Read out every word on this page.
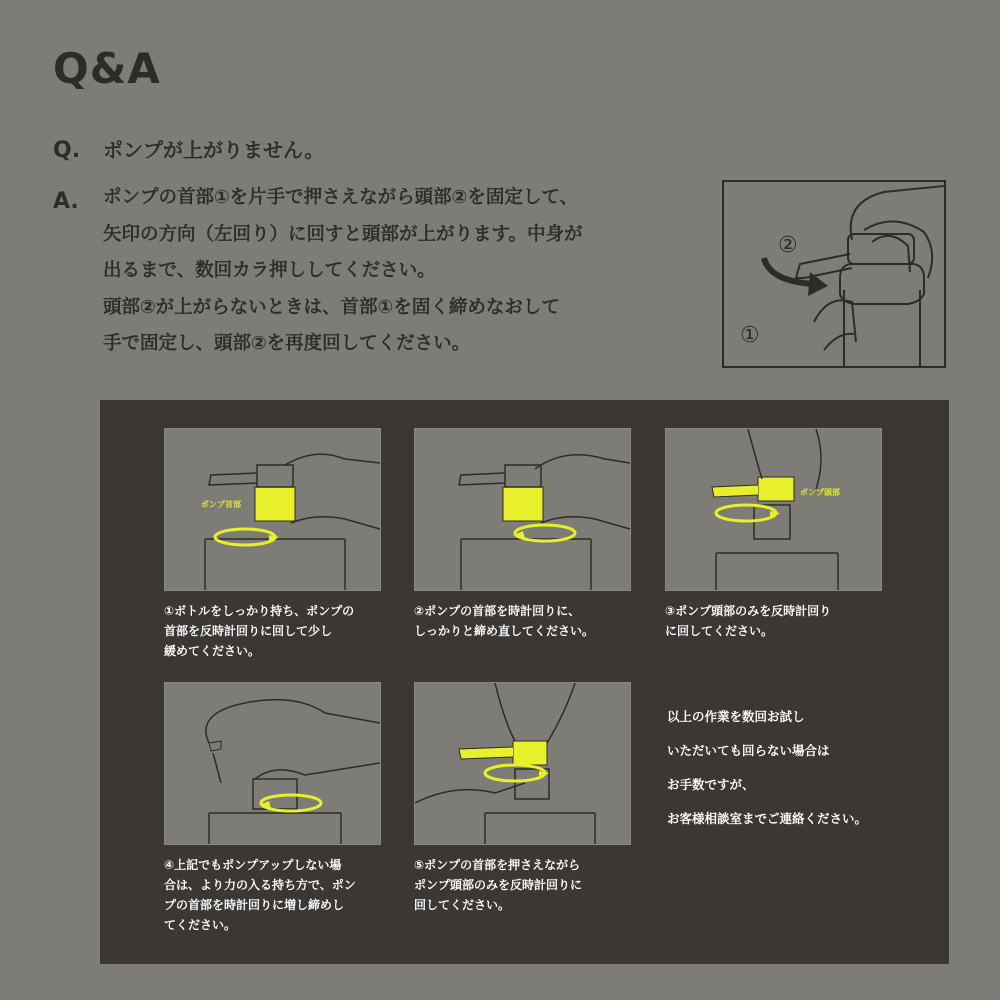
Q&A
Q. ポンプが上がりません。
A. ポンプの首部①を片手で押さえながら頭部②を固定して、
矢印の方向（左回り）に回すと頭部が上がります。中身が
出るまで、数回カラ押ししてください。
頭部②が上がらないときは、首部①を固く締めなおして
手で固定し、頭部②を再度回してください。
②
①
ポンプ首部
①ボトルをしっかり持ち、ポンプの
首部を反時計回りに回して少し
緩めてください。
②ポンプの首部を時計回りに、
しっかりと締め直してください。
ポンプ頭部
③ポンプ頭部のみを反時計回り
に回してください。
④上記でもポンプアップしない場
合は、より力の入る持ち方で、ポン
プの首部を時計回りに増し締めし
てください。
⑤ポンプの首部を押さえながら
ポンプ頭部のみを反時計回りに
回してください。
以上の作業を数回お試し
いただいても回らない場合は
お手数ですが、
お客様相談室までご連絡ください。
